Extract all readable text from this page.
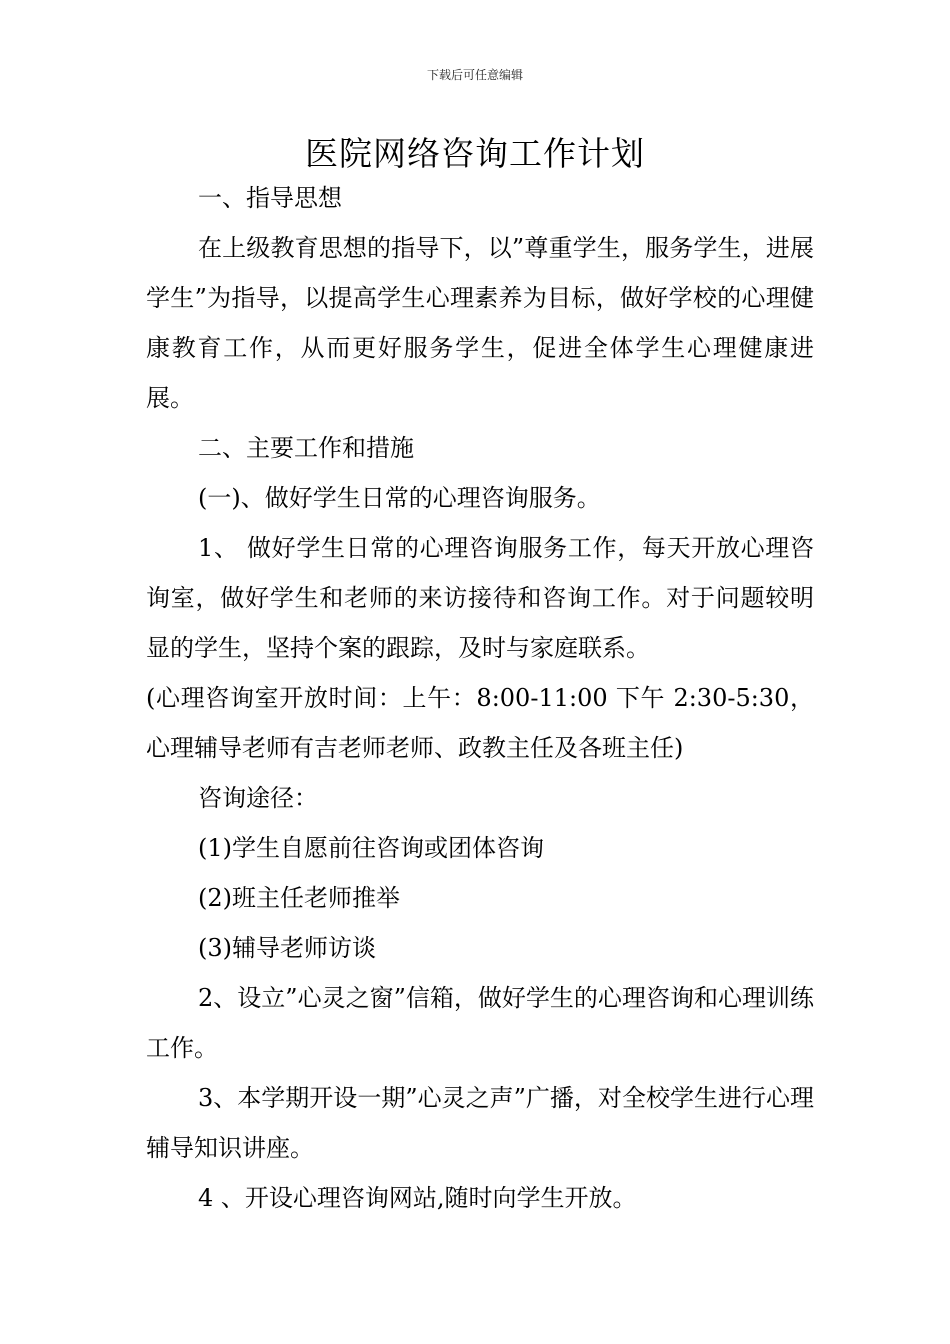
下载后可任意编辑
医院网络咨询工作计划

一、指导思想

在上级教育思想的指导下，以”尊重学生，服务学生，进展学生”为指导，以提高学生心理素养为目标，做好学校的心理健康教育工作，从而更好服务学生，促进全体学生心理健康进展。

二、主要工作和措施

(一)、做好学生日常的心理咨询服务。

1、 做好学生日常的心理咨询服务工作，每天开放心理咨询室，做好学生和老师的来访接待和咨询工作。对于问题较明显的学生，坚持个案的跟踪，及时与家庭联系。

(心理咨询室开放时间：上午：8:00-11:00 下午 2:30-5:30，心理辅导老师有吉老师老师、政教主任及各班主任)

咨询途径：

(1)学生自愿前往咨询或团体咨询

(2)班主任老师推举

(3)辅导老师访谈

2、设立”心灵之窗”信箱，做好学生的心理咨询和心理训练工作。

3、本学期开设一期”心灵之声”广播，对全校学生进行心理辅导知识讲座。

4 、开设心理咨询网站,随时向学生开放。
